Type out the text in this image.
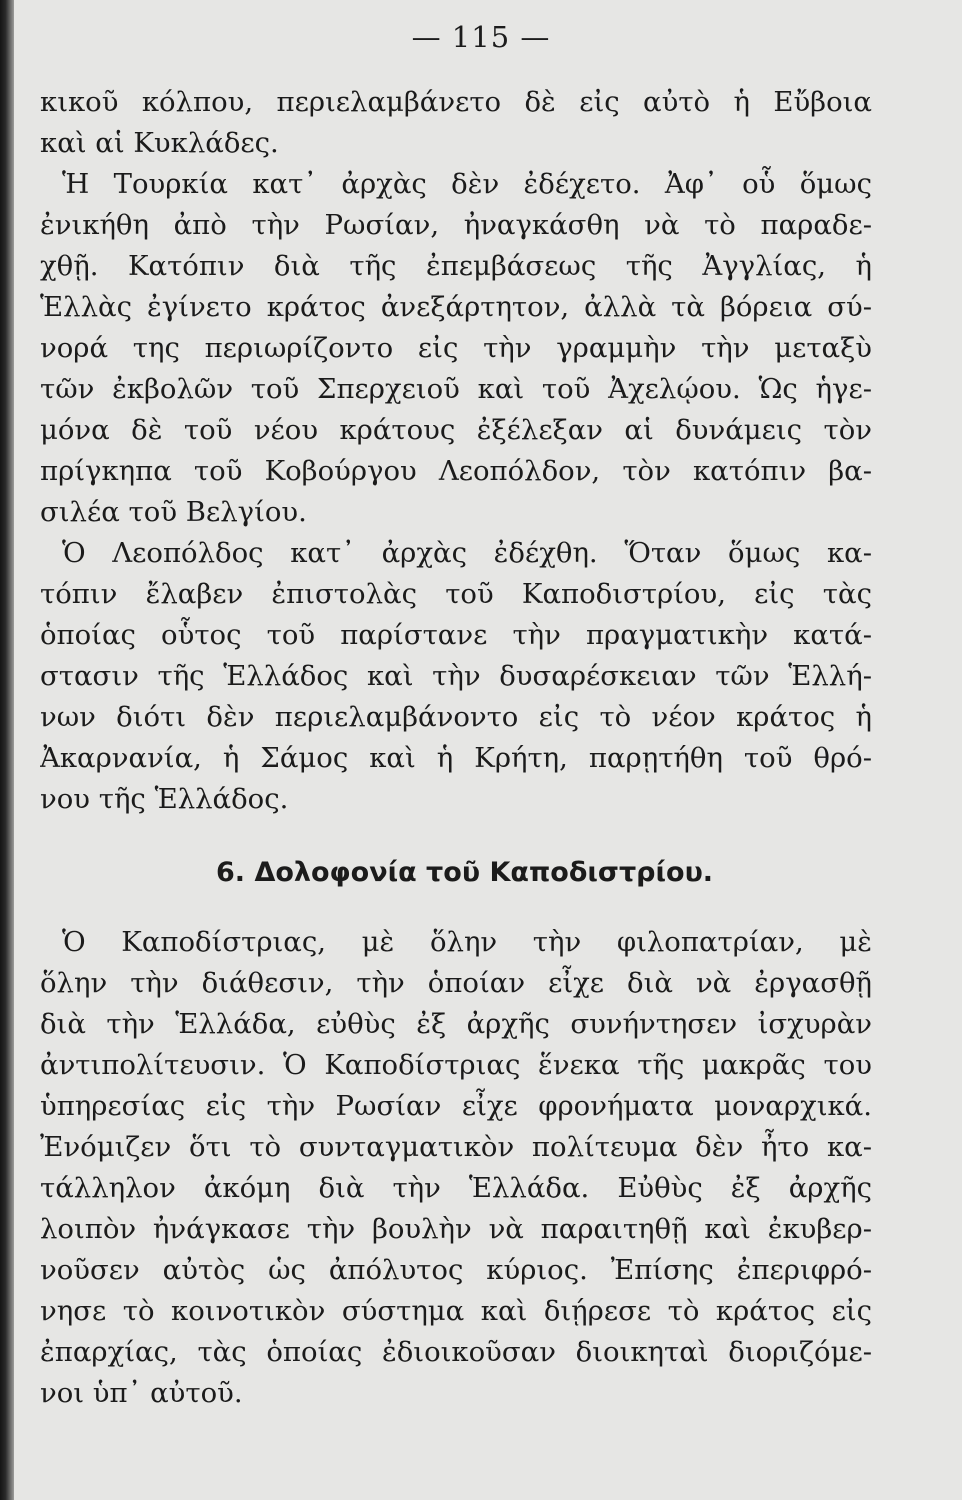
— 115 —
κικοῦ κόλπου, περιελαμβάνετο δὲ εἰς αὐτὸ ἡ Εὔβοια
καὶ αἱ Κυκλάδες.
Ἡ Τουρκία κατ᾽ ἀρχὰς δὲν ἐδέχετο. Ἀφ᾽ οὗ ὅμως
ἐνικήθη ἀπὸ τὴν Ρωσίαν, ἠναγκάσθη νὰ τὸ παραδε-
χθῇ. Κατόπιν διὰ τῆς ἐπεμβάσεως τῆς Ἀγγλίας, ἡ
Ἑλλὰς ἐγίνετο κράτος ἀνεξάρτητον, ἀλλὰ τὰ βόρεια σύ-
νορά της περιωρίζοντο εἰς τὴν γραμμὴν τὴν μεταξὺ
τῶν ἐκβολῶν τοῦ Σπερχειοῦ καὶ τοῦ Ἀχελῴου. Ὡς ἡγε-
μόνα δὲ τοῦ νέου κράτους ἐξέλεξαν αἱ δυνάμεις τὸν
πρίγκηπα τοῦ Κοβούργου Λεοπόλδον, τὸν κατόπιν βα-
σιλέα τοῦ Βελγίου.
Ὁ Λεοπόλδος κατ᾽ ἀρχὰς ἐδέχθη. Ὅταν ὅμως κα-
τόπιν ἔλαβεν ἐπιστολὰς τοῦ Καποδιστρίου, εἰς τὰς
ὁποίας οὗτος τοῦ παρίστανε τὴν πραγματικὴν κατά-
στασιν τῆς Ἑλλάδος καὶ τὴν δυσαρέσκειαν τῶν Ἑλλή-
νων διότι δὲν περιελαμβάνοντο εἰς τὸ νέον κράτος ἡ
Ἀκαρνανία, ἡ Σάμος καὶ ἡ Κρήτη, παρῃτήθη τοῦ θρό-
νου τῆς Ἑλλάδος.
6. Δολοφονία τοῦ Καποδιστρίου.
Ὁ Καποδίστριας, μὲ ὅλην τὴν φιλοπατρίαν, μὲ
ὅλην τὴν διάθεσιν, τὴν ὁποίαν εἶχε διὰ νὰ ἐργασθῇ
διὰ τὴν Ἑλλάδα, εὐθὺς ἐξ ἀρχῆς συνήντησεν ἰσχυρὰν
ἀντιπολίτευσιν. Ὁ Καποδίστριας ἕνεκα τῆς μακρᾶς του
ὑπηρεσίας εἰς τὴν Ρωσίαν εἶχε φρονήματα μοναρχικά.
Ἐνόμιζεν ὅτι τὸ συνταγματικὸν πολίτευμα δὲν ἦτο κα-
τάλληλον ἀκόμη διὰ τὴν Ἑλλάδα. Εὐθὺς ἐξ ἀρχῆς
λοιπὸν ἠνάγκασε τὴν βουλὴν νὰ παραιτηθῇ καὶ ἐκυβερ-
νοῦσεν αὐτὸς ὡς ἀπόλυτος κύριος. Ἐπίσης ἐπεριφρό-
νησε τὸ κοινοτικὸν σύστημα καὶ διῄρεσε τὸ κράτος εἰς
ἐπαρχίας, τὰς ὁποίας ἐδιοικοῦσαν διοικηταὶ διοριζόμε-
νοι ὑπ᾽ αὐτοῦ.
